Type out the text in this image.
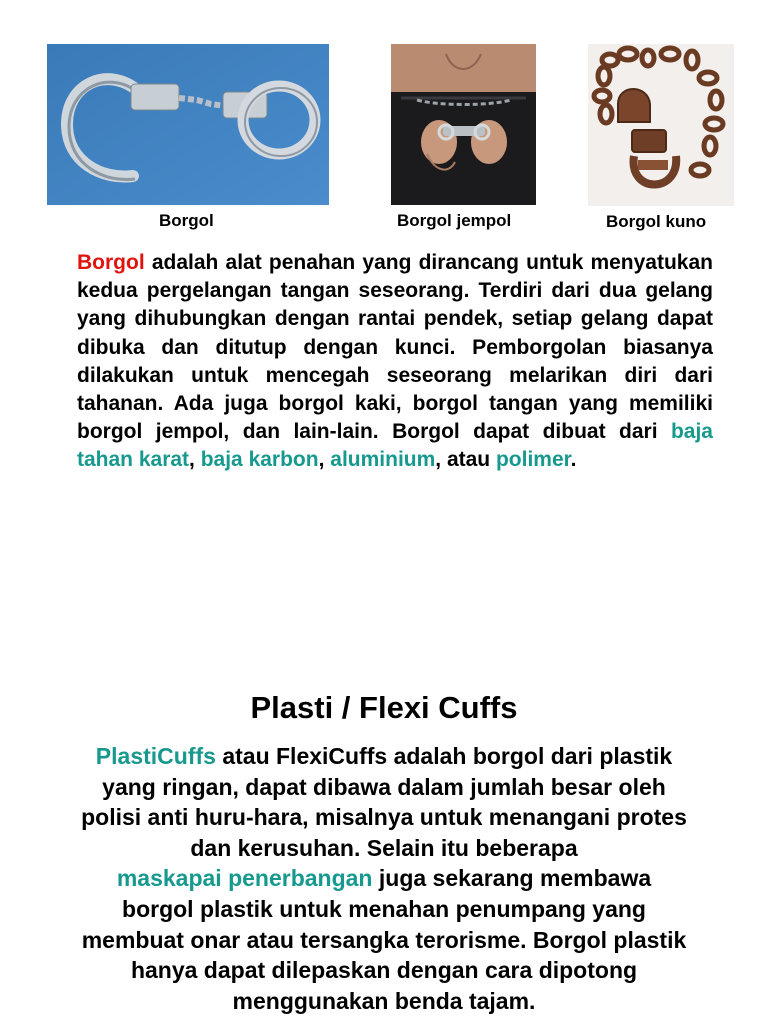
Borgol	Borgol jempol	Borgol kuno

Borgol adalah alat penahan yang dirancang untuk menyatukan kedua pergelangan tangan seseorang. Terdiri dari dua gelang yang dihubungkan dengan rantai pendek, setiap gelang dapat dibuka dan ditutup dengan kunci. Pemborgolan biasanya dilakukan untuk mencegah seseorang melarikan diri dari tahanan. Ada juga borgol kaki, borgol tangan yang memiliki borgol jempol, dan lain-lain. Borgol dapat dibuat dari baja tahan karat, baja karbon, aluminium, atau polimer.

Plasti / Flexi Cuffs

PlastiCuffs atau FlexiCuffs adalah borgol dari plastik
yang ringan, dapat dibawa dalam jumlah besar oleh
polisi anti huru-hara, misalnya untuk menangani protes
dan kerusuhan. Selain itu beberapa
maskapai penerbangan juga sekarang membawa
borgol plastik untuk menahan penumpang yang
membuat onar atau tersangka terorisme. Borgol plastik
hanya dapat dilepaskan dengan cara dipotong
menggunakan benda tajam.
